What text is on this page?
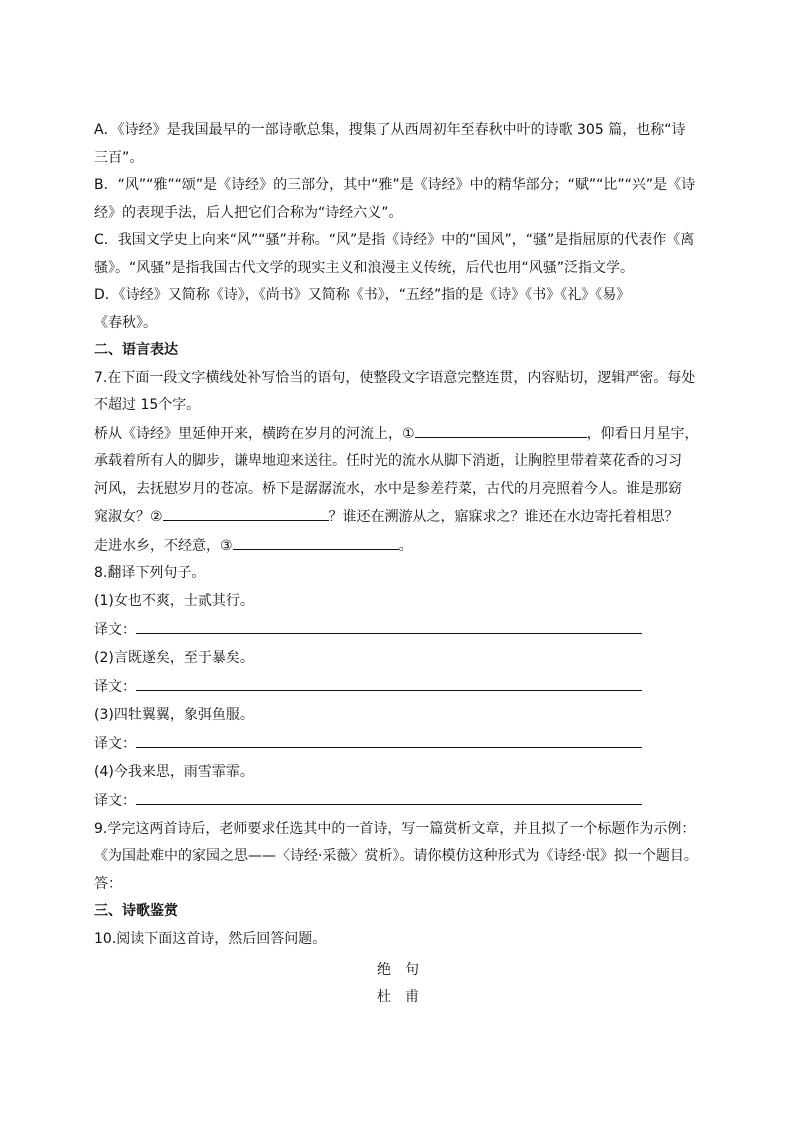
A．《诗经》是我国最早的一部诗歌总集，搜集了从西周初年至春秋中叶的诗歌 305 篇，也称“诗
三百”。

B．“风”“雅”“颂”是《诗经》的三部分，其中“雅”是《诗经》中的精华部分；“赋”“比”“兴”是《诗
经》的表现手法，后人把它们合称为“诗经六义”。

C．我国文学史上向来“风”“骚”并称。“风”是指《诗经》中的“国风”，“骚”是指屈原的代表作《离
骚》。“风骚”是指我国古代文学的现实主义和浪漫主义传统，后代也用“风骚”泛指文学。

D．《诗经》又简称《诗》，《尚书》又简称《书》，“五经”指的是《诗》《书》《礼》《易》
《春秋》。

二、语言表达

7.在下面一段文字横线处补写恰当的语句，使整段文字语意完整连贯，内容贴切，逻辑严密。每处
不超过 15个字。

桥从《诗经》里延伸开来，横跨在岁月的河流上，①	，仰看日月星宇，
承载着所有人的脚步，谦卑地迎来送往。任时光的流水从脚下消逝，让胸腔里带着菜花香的习习
河风，去抚慰岁月的苍凉。桥下是潺潺流水，水中是参差荇菜，古代的月亮照着今人。谁是那窈
窕淑女？②	？谁还在溯游从之，寤寐求之？谁还在水边寄托着相思？
走进水乡，不经意，③	。

8.翻译下列句子。

(1)女也不爽，士贰其行。

译文：

(2)言既遂矣，至于暴矣。

译文：

(3)四牡翼翼，象弭鱼服。

译文：

(4)今我来思，雨雪霏霏。

译文：

9.学完这两首诗后，老师要求任选其中的一首诗，写一篇赏析文章，并且拟了一个标题作为示例：
《为国赴难中的家园之思——〈诗经·采薇〉赏析》。请你模仿这种形式为《诗经·氓》拟一个题目。

答：

三、诗歌鉴赏

10.阅读下面这首诗，然后回答问题。

绝句

杜甫
